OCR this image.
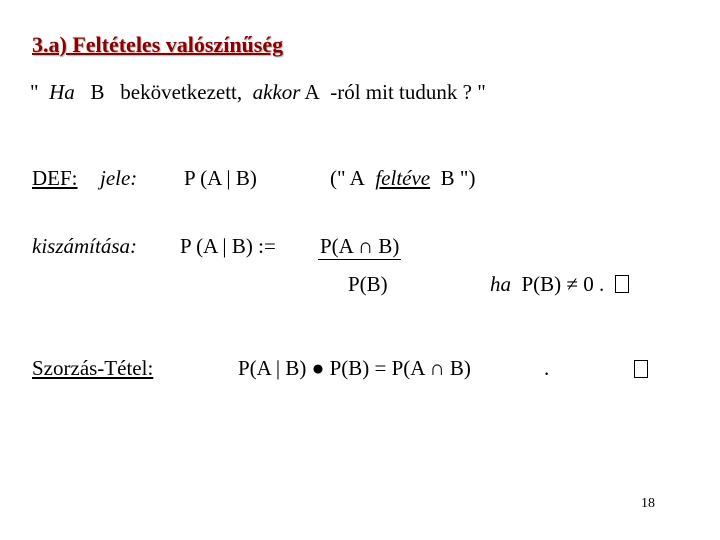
3.a) Feltételes valószínűség
" Ha B bekövetkezett, akkor A -ról mit tudunk ? "
DEF: jele: P (A | B)	(" A feltéve B ")
kiszámítása: P (A | B) := P(A ∩ B)
P(B)	ha P(B) ≠ 0 .
Szorzás-Tétel:	P(A | B) ● P(B) = P(A ∩ B)	.
18
